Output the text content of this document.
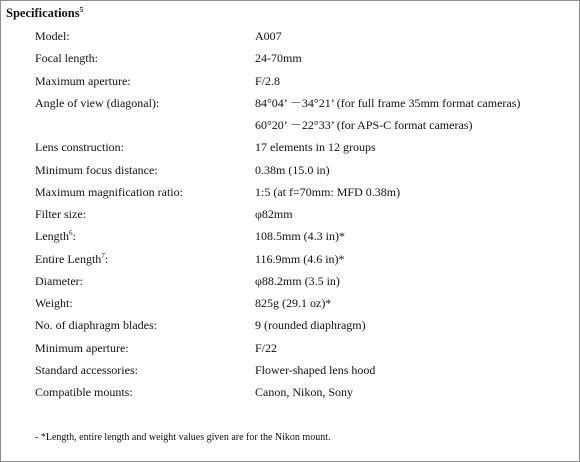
Specifications$^5$
Model:	A007
Focal length:	24-70mm
Maximum aperture:	F/2.8
Angle of view (diagonal):	84°04’ －34°21’ (for full frame 35mm format cameras)
60°20’ －22°33’ (for APS-C format cameras)
Lens construction:	17 elements in 12 groups
Minimum focus distance:	0.38m (15.0 in)
Maximum magnification ratio:	1:5 (at f=70mm: MFD 0.38m)
Filter size:	φ82mm
Length$^6$:	108.5mm (4.3 in)*
Entire Length$^7$:	116.9mm (4.6 in)*
Diameter:	φ88.2mm (3.5 in)
Weight:	825g (29.1 oz)*
No. of diaphragm blades:	9 (rounded diaphragm)
Minimum aperture:	F/22
Standard accessories:	Flower-shaped lens hood
Compatible mounts:	Canon, Nikon, Sony
- *Length, entire length and weight values given are for the Nikon mount.
